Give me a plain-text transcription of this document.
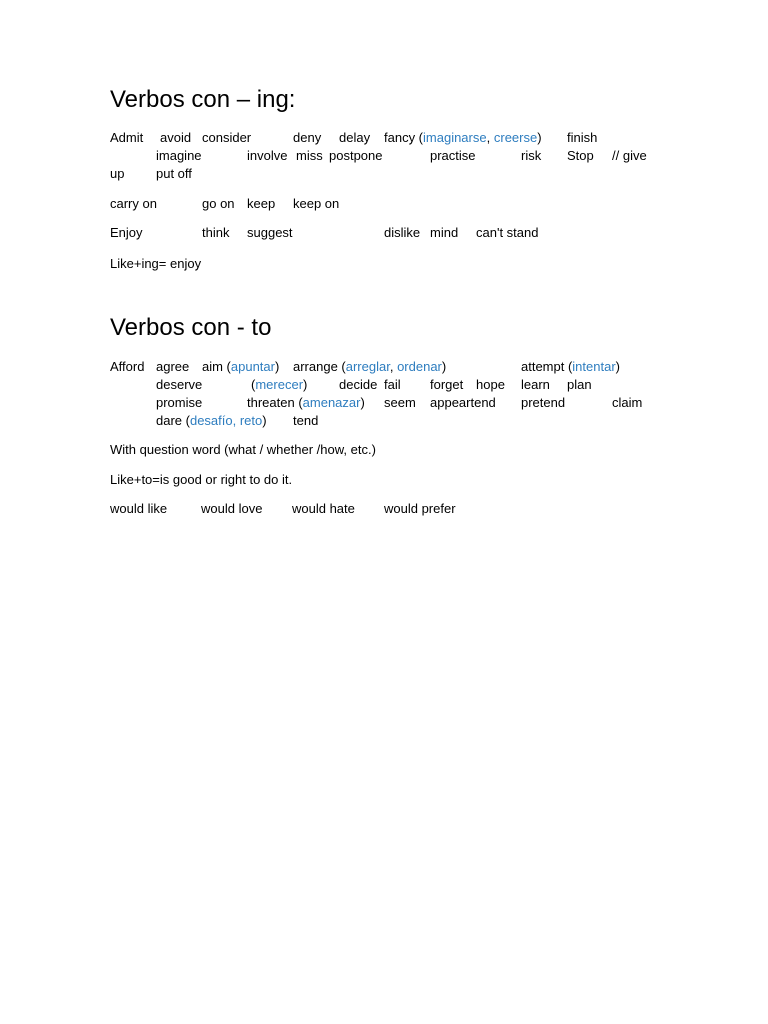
Verbos con – ing:
Admit avoid consider	deny delay fancy (imaginarse, creerse) finish
imagine	involve miss postpone	practise	risk Stop // give
up put off
carry on	go on keep keep on
Enjoy	think suggest	dislike mind can't stand
Like+ing= enjoy
Verbos con - to
Afford agree aim (apuntar) arrange (arreglar, ordenar)	attempt (intentar)
deserve	(merecer) decide fail forget hope learn plan
promise	threaten (amenazar) seem appeartend pretend	claim
dare (desafío, reto) tend
With question word (what / whether /how, etc.)
Like+to=is good or right to do it.
would like	would love would hate would prefer
